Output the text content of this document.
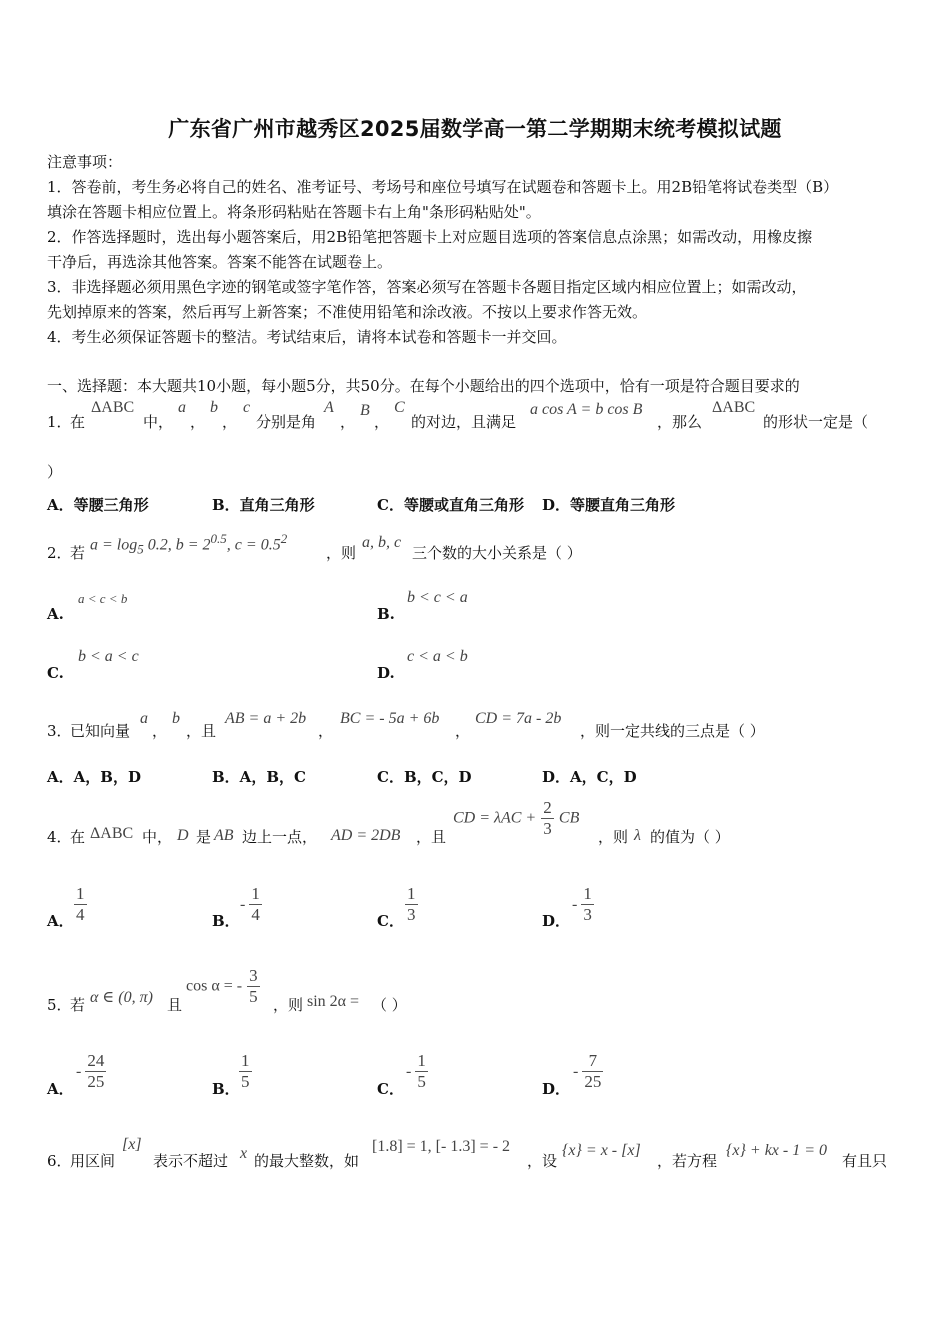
广东省广州市越秀区2025届数学高一第二学期期末统考模拟试题
注意事项：
1．答卷前，考生务必将自己的姓名、准考证号、考场号和座位号填写在试题卷和答题卡上。用2B铅笔将试卷类型（B）
填涂在答题卡相应位置上。将条形码粘贴在答题卡右上角"条形码粘贴处"。
2．作答选择题时，选出每小题答案后，用2B铅笔把答题卡上对应题目选项的答案信息点涂黑；如需改动，用橡皮擦
干净后，再选涂其他答案。答案不能答在试题卷上。
3．非选择题必须用黑色字迹的钢笔或签字笔作答，答案必须写在答题卡各题目指定区域内相应位置上；如需改动，
先划掉原来的答案，然后再写上新答案；不准使用铅笔和涂改液。不按以上要求作答无效。
4．考生必须保证答题卡的整洁。考试结束后，请将本试卷和答题卡一并交回。
一、选择题：本大题共10小题，每小题5分，共50分。在每个小题给出的四个选项中，恰有一项是符合题目要求的
1．
在
ΔABC
中，
a
，
b
，
c
分别是角
A
，
B
，
C
的对边，且满足
a cos A = b cos B
，那么
ΔABC
的形状一定是（
）
A．等腰三角形	B．直角三角形	C．等腰或直角三角形 D．等腰直角三角形
2．
若 $a = \log_5 0.2$, $b = 2^{0.5}$, $c = 0.5^2$
，则
a, b, c
三个数的大小关系是（ ）
A.
a < c < b
B.
b < c < a
C.
b < a < c
D.
c < a < b
3．
已知向量
a
，
b
，且
AB = a + 2b
，
BC = - 5a + 6b
，
CD = 7a - 2b
，则一定共线的三点是（ ）
A．A，B，D	B．A，B，C	C．B，C，D	D．A，C，D
4．
在 ΔABC 中， D 是 AB 边上一点， AD = 2DB ，且
CD = $\lambda AC + \frac{2}{3}$ CB
，则 λ 的值为（ ）
A． $\frac{1}{4}$	B．
- $\frac{1}{4}$	C． $\frac{1}{3}$	D．
- $\frac{1}{3}$
5．
若 α ∈ (0, π) 且
cos α = - $\frac{3}{5}$ ，则 sin 2α = （ ）
A．
- $\frac{24}{25}$	B． $\frac{1}{5}$	C．
- $\frac{1}{5}$	D．
- $\frac{7}{25}$
6．
用区间
[x]
表示不超过 x 的最大整数，如
[1.8] = 1, [- 1.3] = - 2
，设
{x} = x - [x]
，若方程
{x} + kx - 1 = 0
有且只
